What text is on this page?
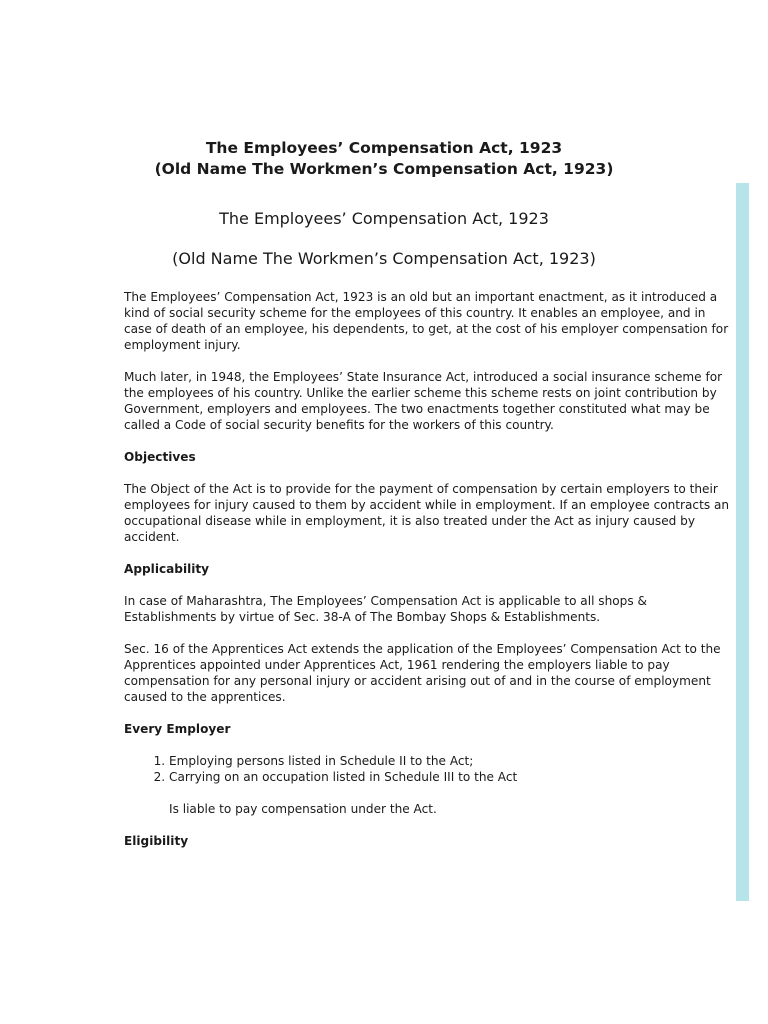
The Employees’ Compensation Act, 1923
(Old Name The Workmen’s Compensation Act, 1923)
The Employees’ Compensation Act, 1923
(Old Name The Workmen’s Compensation Act, 1923)

The Employees’ Compensation Act, 1923 is an old but an important enactment, as it introduced a kind of social security scheme for the employees of this country. It enables an employee, and in case of death of an employee, his dependents, to get, at the cost of his employer compensation for employment injury.

Much later, in 1948, the Employees’ State Insurance Act, introduced a social insurance scheme for the employees of his country. Unlike the earlier scheme this scheme rests on joint contribution by Government, employers and employees. The two enactments together constituted what may be called a Code of social security benefits for the workers of this country.

Objectives

The Object of the Act is to provide for the payment of compensation by certain employers to their employees for injury caused to them by accident while in employment. If an employee contracts an occupational disease while in employment, it is also treated under the Act as injury caused by accident.

Applicability

In case of Maharashtra, The Employees’ Compensation Act is applicable to all shops & Establishments by virtue of Sec. 38-A of The Bombay Shops & Establishments.

Sec. 16 of the Apprentices Act extends the application of the Employees’ Compensation Act to the Apprentices appointed under Apprentices Act, 1961 rendering the employers liable to pay compensation for any personal injury or accident arising out of and in the course of employment caused to the apprentices.

Every Employer

1. Employing persons listed in Schedule II to the Act;
2. Carrying on an occupation listed in Schedule III to the Act

Is liable to pay compensation under the Act.

Eligibility
